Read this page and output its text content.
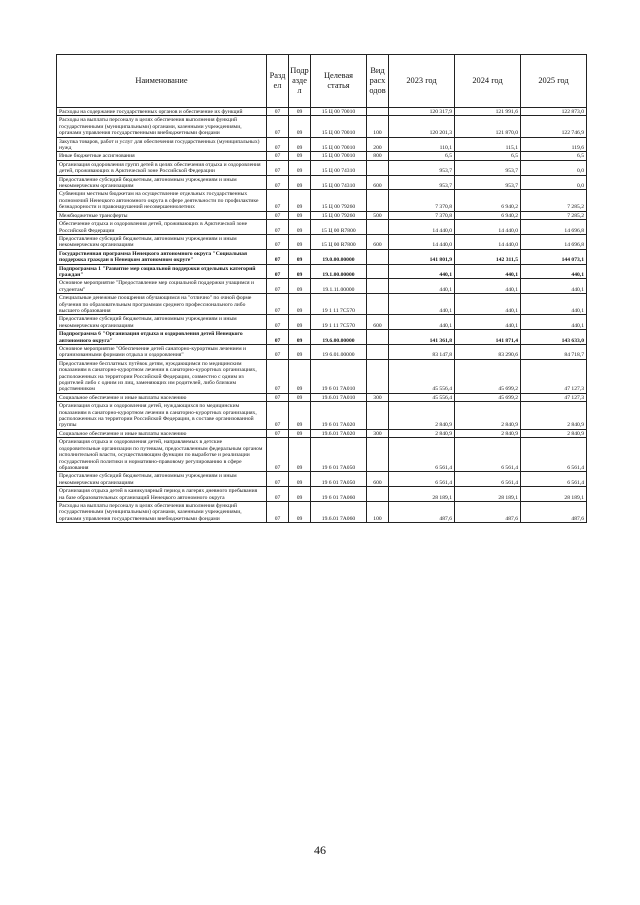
Наименование	Разд ел	Подр азде л	Целевая статья	Вид расх одов	2023 год	2024 год	2025 год
Расходы на содержание государственных органов и обеспечение их функций	07	09	15 Ц 00 70010		120 317,9	121 991,6	122 873,0
Расходы на выплаты персоналу в целях обеспечения выполнения функций государственными (муниципальными) органами, казенными учреждениями, органами управления государственными внебюджетными фондами	07	09	15 Ц 00 70010	100	120 201,3	121 870,0	122 746,9
Закупка товаров, работ и услуг для обеспечения государственных (муниципальных) нужд	07	09	15 Ц 00 70010	200	110,1	115,1	119,6
Иные бюджетные ассигнования	07	09	15 Ц 00 70010	800	6,5	6,5	6,5
Организация оздоровления групп детей в целях обеспечения отдыха и оздоровления детей, проживающих в Арктической зоне Российской Федерации	07	09	15 Ц 00 74310		953,7	953,7	0,0
Предоставление субсидий бюджетным, автономным учреждениям и иным некоммерческим организациям	07	09	15 Ц 00 74310	600	953,7	953,7	0,0
Субвенции местным бюджетам на осуществление отдельных государственных полномочий Ненецкого автономного округа в сфере деятельности по профилактике безнадзорности и правонарушений несовершеннолетних	07	09	15 Ц 00 79260		7 370,8	6 940,2	7 285,2
Межбюджетные трансферты	07	09	15 Ц 00 79260	500	7 370,8	6 940,2	7 285,2
Обеспечение отдыха и оздоровления детей, проживающих в Арктической зоне Российской Федерации	07	09	15 Ц 00 R7800		14 440,0	14 440,0	14 696,8
Предоставление субсидий бюджетным, автономным учреждениям и иным некоммерческим организациям	07	09	15 Ц 00 R7800	600	14 440,0	14 440,0	14 696,8
Государственная программа Ненецкого автономного округа "Социальная поддержка граждан в Ненецком автономном округе"	07	09	19.0.00.00000		141 801,9	142 311,5	144 073,1
Подпрограмма 1 "Развитие мер социальной поддержки отдельных категорий граждан"	07	09	19.1.00.00000		440,1	440,1	440,1
Основное мероприятие "Предоставление мер социальной поддержки учащимся и студентам"	07	09	19.1.11.00000		440,1	440,1	440,1
Специальные денежные поощрения обучающимся на "отлично" по очной форме обучения по образовательным программам среднего профессионального либо высшего образования	07	09	19 1 11 7С570		440,1	440,1	440,1
Предоставление субсидий бюджетным, автономным учреждениям и иным некоммерческим организациям	07	09	19 1 11 7С570	600	440,1	440,1	440,1
Подпрограмма 6 "Организация отдыха и оздоровления детей Ненецкого автономного округа"	07	09	19.6.00.00000		141 361,8	141 871,4	143 633,0
Основное мероприятие "Обеспечение детей санаторно-курортным лечением и организованными формами отдыха и оздоровления"	07	09	19 6.01.00000		83 147,8	83 290,6	84 718,7
Предоставление бесплатных путёвок детям, нуждающимся по медицинским показаниям в санаторно-курортном лечении в санаторно-курортных организациях, расположенных на территории Российской Федерации, совместно с одним из родителей либо с одним из лиц, заменяющих им родителей, либо близким родственником	07	09	19 6 01 7А010		45 556,4	45 699,2	47 127,3
Социальное обеспечение и иные выплаты населению	07	09	19.6.01 7А010	300	45 556,4	45 699,2	47 127,3
Организация отдыха и оздоровления детей, нуждающихся по медицинским показаниям в санаторно-курортном лечении в санаторно-курортных организациях, расположенных на территории Российской Федерации, в составе организованной группы	07	09	19 6 01 7А020		2 840,9	2 840,9	2 840,9
Социальное обеспечение и иные выплаты населению	07	09	19.6.01 7А020	300	2 840,9	2 840,9	2 840,9
Организация отдыха и оздоровления детей, направляемых в детские оздоровительные организации по путевкам, предоставленным федеральным органом исполнительной власти, осуществляющим функции по выработке и реализации государственной политики и нормативно-правовому регулированию в сфере образования	07	09	19 6 01 7А050		6 561,4	6 561,4	6 561,4
Предоставление субсидий бюджетным, автономным учреждениям и иным некоммерческим организациям	07	09	19 6 01 7А050	600	6 561,4	6 561,4	6 561,4
Организация отдыха детей в каникулярный период в лагерях дневного пребывания на базе образовательных организаций Ненецкого автономного округа	07	09	19 6 01 7А060		28 189,1	28 189,1	28 189,1
Расходы на выплаты персоналу в целях обеспечения выполнения функций государственными (муниципальными) органами, казенными учреждениями, органами управления государственными внебюджетными фондами	07	09	19.6.01 7А060	100	487,6	487,6	487,6
46
